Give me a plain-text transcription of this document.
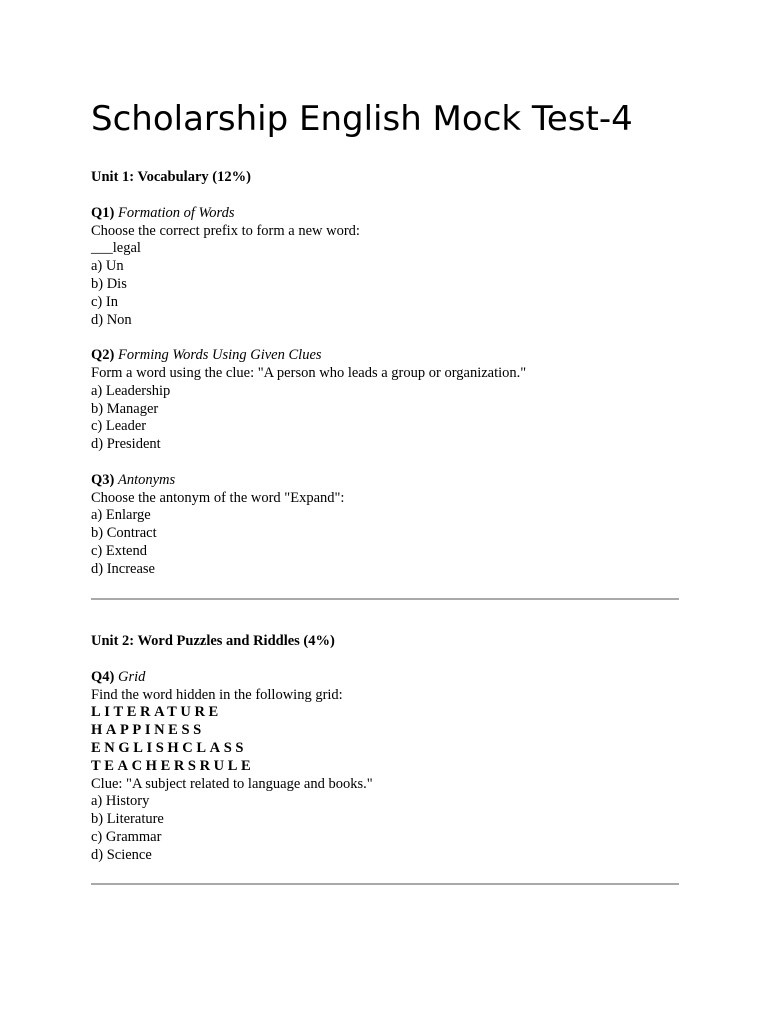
Scholarship English Mock Test-4
Unit 1: Vocabulary (12%)
Q1) Formation of Words
Choose the correct prefix to form a new word:
___legal
a) Un
b) Dis
c) In
d) Non
Q2) Forming Words Using Given Clues
Form a word using the clue: "A person who leads a group or organization."
a) Leadership
b) Manager
c) Leader
d) President
Q3) Antonyms
Choose the antonym of the word "Expand":
a) Enlarge
b) Contract
c) Extend
d) Increase
Unit 2: Word Puzzles and Riddles (4%)
Q4) Grid
Find the word hidden in the following grid:
LITERATURE
HAPPINESS
ENGLISHCLASS
TEACHERSRULE
Clue: "A subject related to language and books."
a) History
b) Literature
c) Grammar
d) Science
